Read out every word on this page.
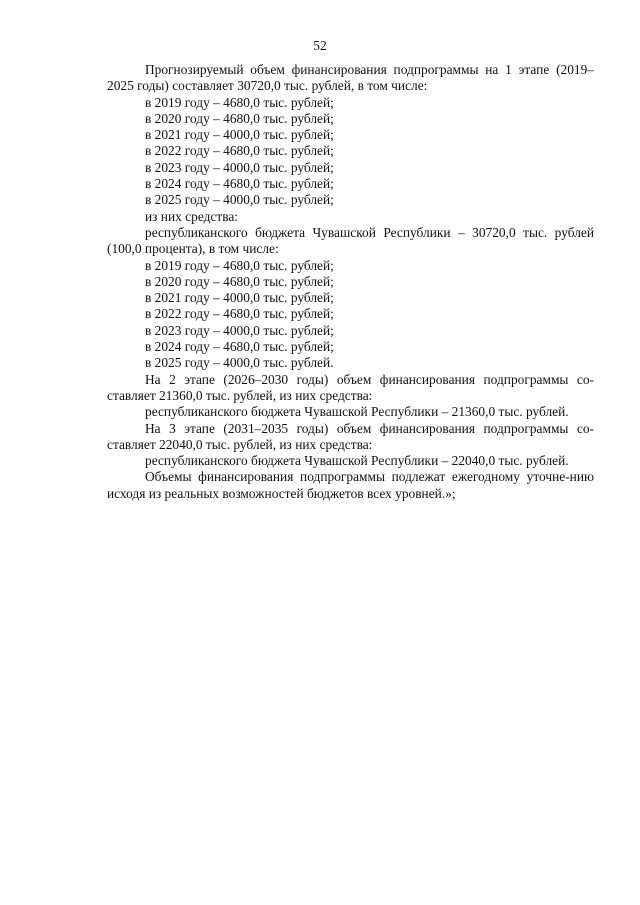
52

Прогнозируемый объем финансирования подпрограммы на 1 этапе (2019–2025 годы) составляет 30720,0 тыс. рублей, в том числе:

в 2019 году – 4680,0 тыс. рублей;

в 2020 году – 4680,0 тыс. рублей;

в 2021 году – 4000,0 тыс. рублей;

в 2022 году – 4680,0 тыс. рублей;

в 2023 году – 4000,0 тыс. рублей;

в 2024 году – 4680,0 тыс. рублей;

в 2025 году – 4000,0 тыс. рублей;

из них средства:

республиканского бюджета Чувашской Республики – 30720,0 тыс. рублей (100,0 процента), в том числе:

в 2019 году – 4680,0 тыс. рублей;

в 2020 году – 4680,0 тыс. рублей;

в 2021 году – 4000,0 тыс. рублей;

в 2022 году – 4680,0 тыс. рублей;

в 2023 году – 4000,0 тыс. рублей;

в 2024 году – 4680,0 тыс. рублей;

в 2025 году – 4000,0 тыс. рублей.

На 2 этапе (2026–2030 годы) объем финансирования подпрограммы со-ставляет 21360,0 тыс. рублей, из них средства:

республиканского бюджета Чувашской Республики – 21360,0 тыс. рублей.

На 3 этапе (2031–2035 годы) объем финансирования подпрограммы со-ставляет 22040,0 тыс. рублей, из них средства:

республиканского бюджета Чувашской Республики – 22040,0 тыс. рублей.

Объемы финансирования подпрограммы подлежат ежегодному уточне-нию исходя из реальных возможностей бюджетов всех уровней.»;
